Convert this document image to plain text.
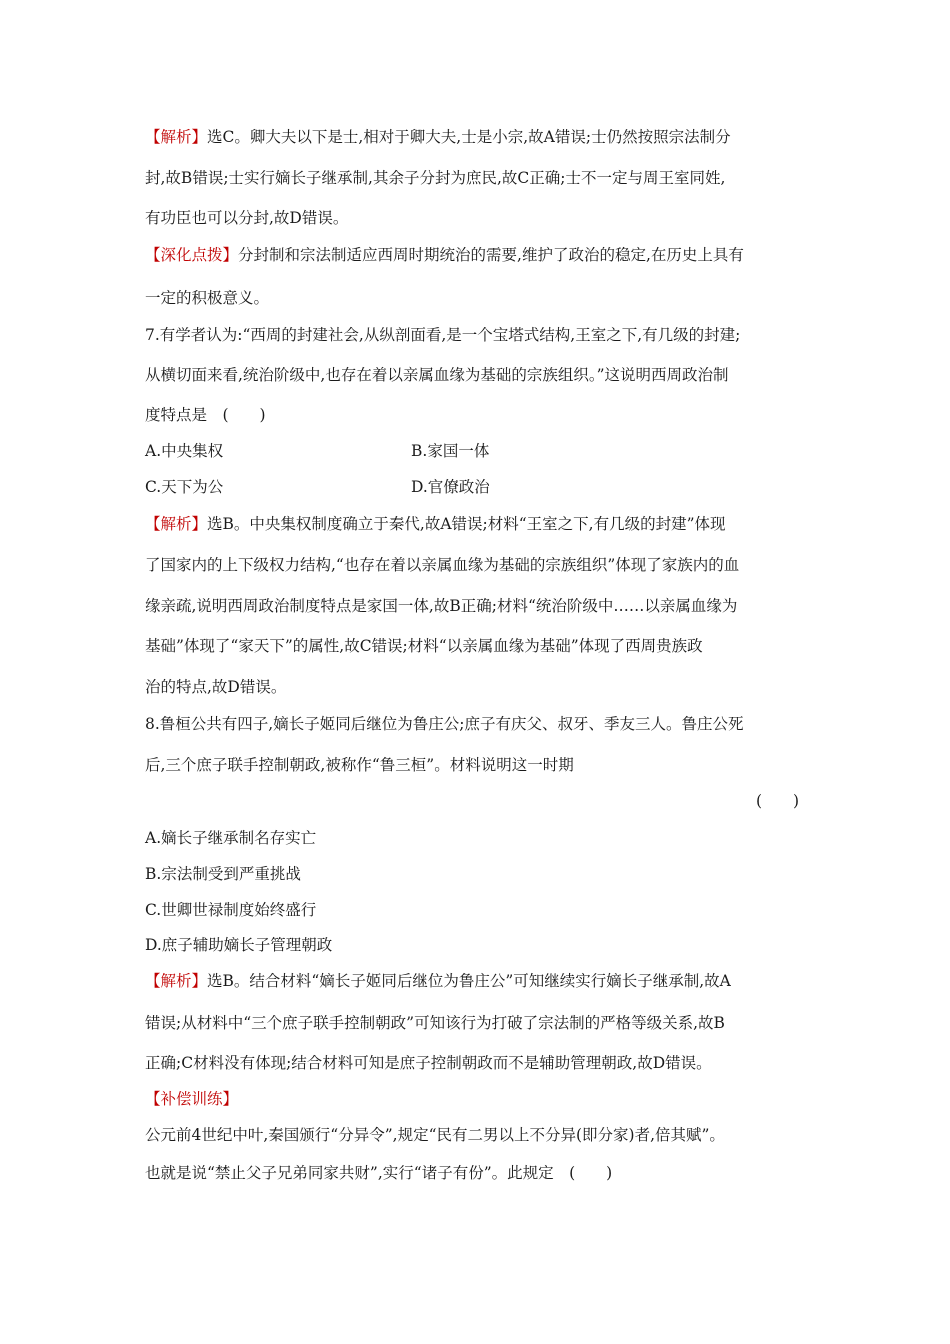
【解析】选C。卿大夫以下是士,相对于卿大夫,士是小宗,故A错误;士仍然按照宗法制分
封,故B错误;士实行嫡长子继承制,其余子分封为庶民,故C正确;士不一定与周王室同姓,
有功臣也可以分封,故D错误。
【深化点拨】分封制和宗法制适应西周时期统治的需要,维护了政治的稳定,在历史上具有
一定的积极意义。
7.有学者认为:“西周的封建社会,从纵剖面看,是一个宝塔式结构,王室之下,有几级的封建;
从横切面来看,统治阶级中,也存在着以亲属血缘为基础的宗族组织。”这说明西周政治制
度特点是　(　　)
A.中央集权	B.家国一体
C.天下为公	D.官僚政治
【解析】选B。中央集权制度确立于秦代,故A错误;材料“王室之下,有几级的封建”体现
了国家内的上下级权力结构,“也存在着以亲属血缘为基础的宗族组织”体现了家族内的血
缘亲疏,说明西周政治制度特点是家国一体,故B正确;材料“统治阶级中……以亲属血缘为
基础”体现了“家天下”的属性,故C错误;材料“以亲属血缘为基础”体现了西周贵族政
治的特点,故D错误。
8.鲁桓公共有四子,嫡长子姬同后继位为鲁庄公;庶子有庆父、叔牙、季友三人。鲁庄公死
后,三个庶子联手控制朝政,被称作“鲁三桓”。材料说明这一时期
(　　)
A.嫡长子继承制名存实亡
B.宗法制受到严重挑战
C.世卿世禄制度始终盛行
D.庶子辅助嫡长子管理朝政
【解析】选B。结合材料“嫡长子姬同后继位为鲁庄公”可知继续实行嫡长子继承制,故A
错误;从材料中“三个庶子联手控制朝政”可知该行为打破了宗法制的严格等级关系,故B
正确;C材料没有体现;结合材料可知是庶子控制朝政而不是辅助管理朝政,故D错误。
【补偿训练】
公元前4世纪中叶,秦国颁行“分异令”,规定“民有二男以上不分异(即分家)者,倍其赋”。
也就是说“禁止父子兄弟同家共财”,实行“诸子有份”。此规定　(　　)
